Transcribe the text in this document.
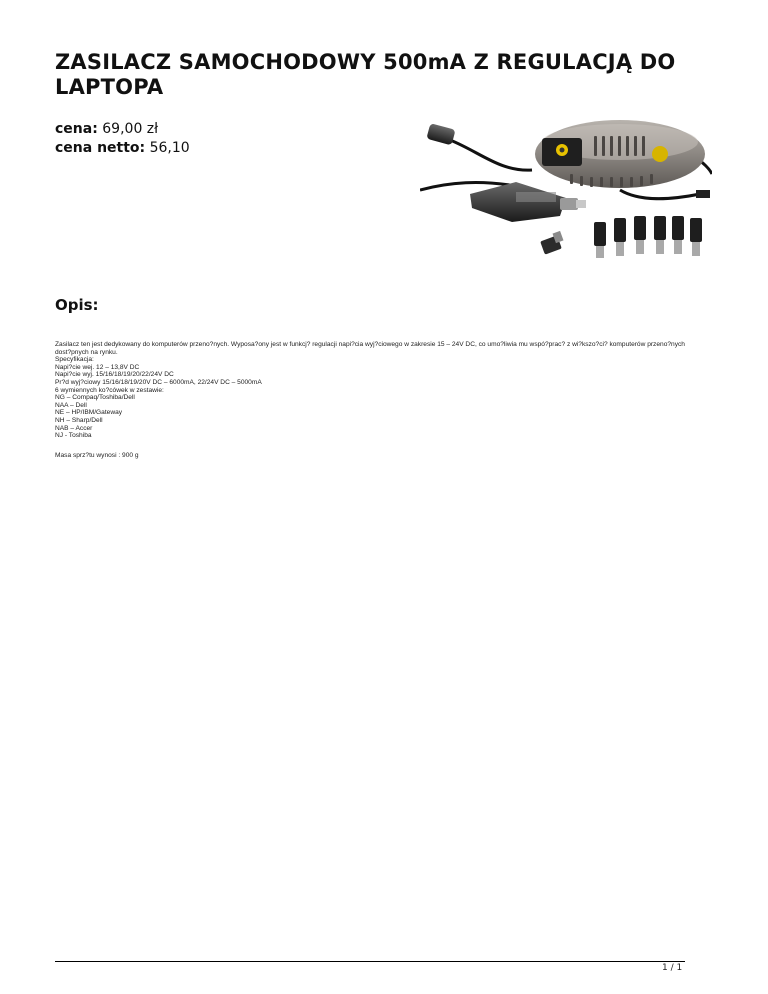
ZASILACZ SAMOCHODOWY 500mA Z REGULACJĄ DO LAPTOPA
cena: 69,00 zł
cena netto: 56,10
Opis:
Zasilacz ten jest dedykowany do komputerów przeno?nych. Wyposa?ony jest w funkcj? regulacji napi?cia wyj?ciowego w zakresie 15 – 24V DC, co umo?liwia mu wspó?prac? z wi?kszo?ci? komputerów przeno?nych dost?pnych na rynku.
Specyfikacja:
Napi?cie wej. 12 – 13,8V DC
Napi?cie wyj. 15/16/18/19/20/22/24V DC
Pr?d wyj?ciowy 15/16/18/19/20V DC – 6000mA, 22/24V DC – 5000mA
6 wymiennych ko?cówek w zestawie:
NG – Compaq/Toshiba/Dell
NAA – Dell
NE – HP/IBM/Gateway
NH – Sharp/Dell
NAB – Accer
NJ - Toshiba
Masa sprz?tu wynosi : 900 g
1 / 1
